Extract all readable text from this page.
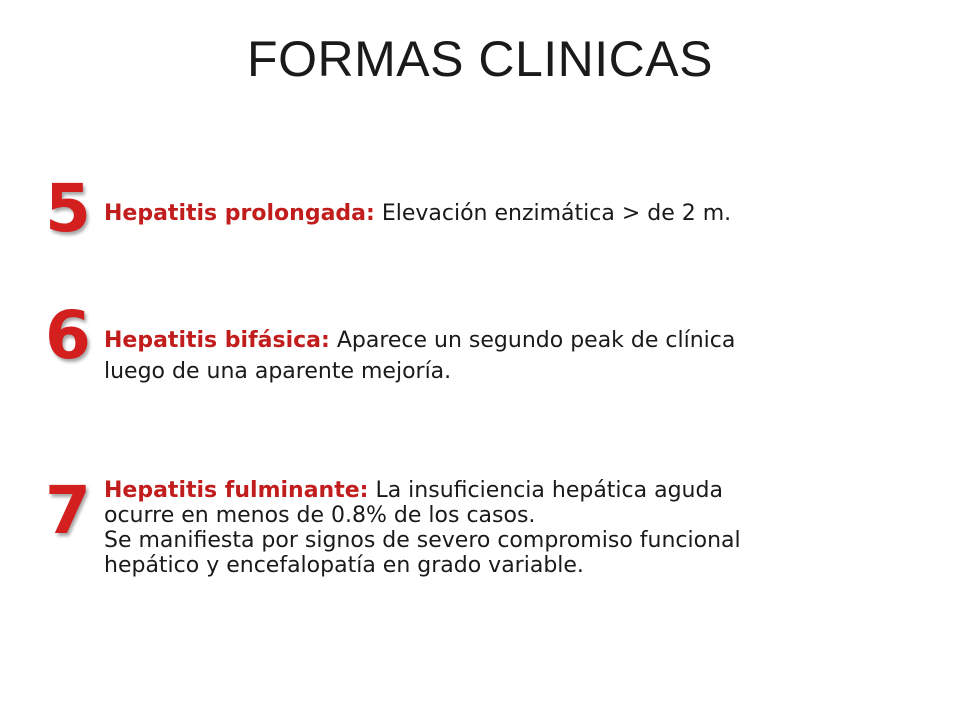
FORMAS CLINICAS
5 Hepatitis prolongada: Elevación enzimática > de 2 m.
6 Hepatitis bifásica: Aparece un segundo peak de clínica
luego de una aparente mejoría.
7 Hepatitis fulminante: La insuficiencia hepática aguda
ocurre en menos de 0.8% de los casos.
Se manifiesta por signos de severo compromiso funcional
hepático y encefalopatía en grado variable.
